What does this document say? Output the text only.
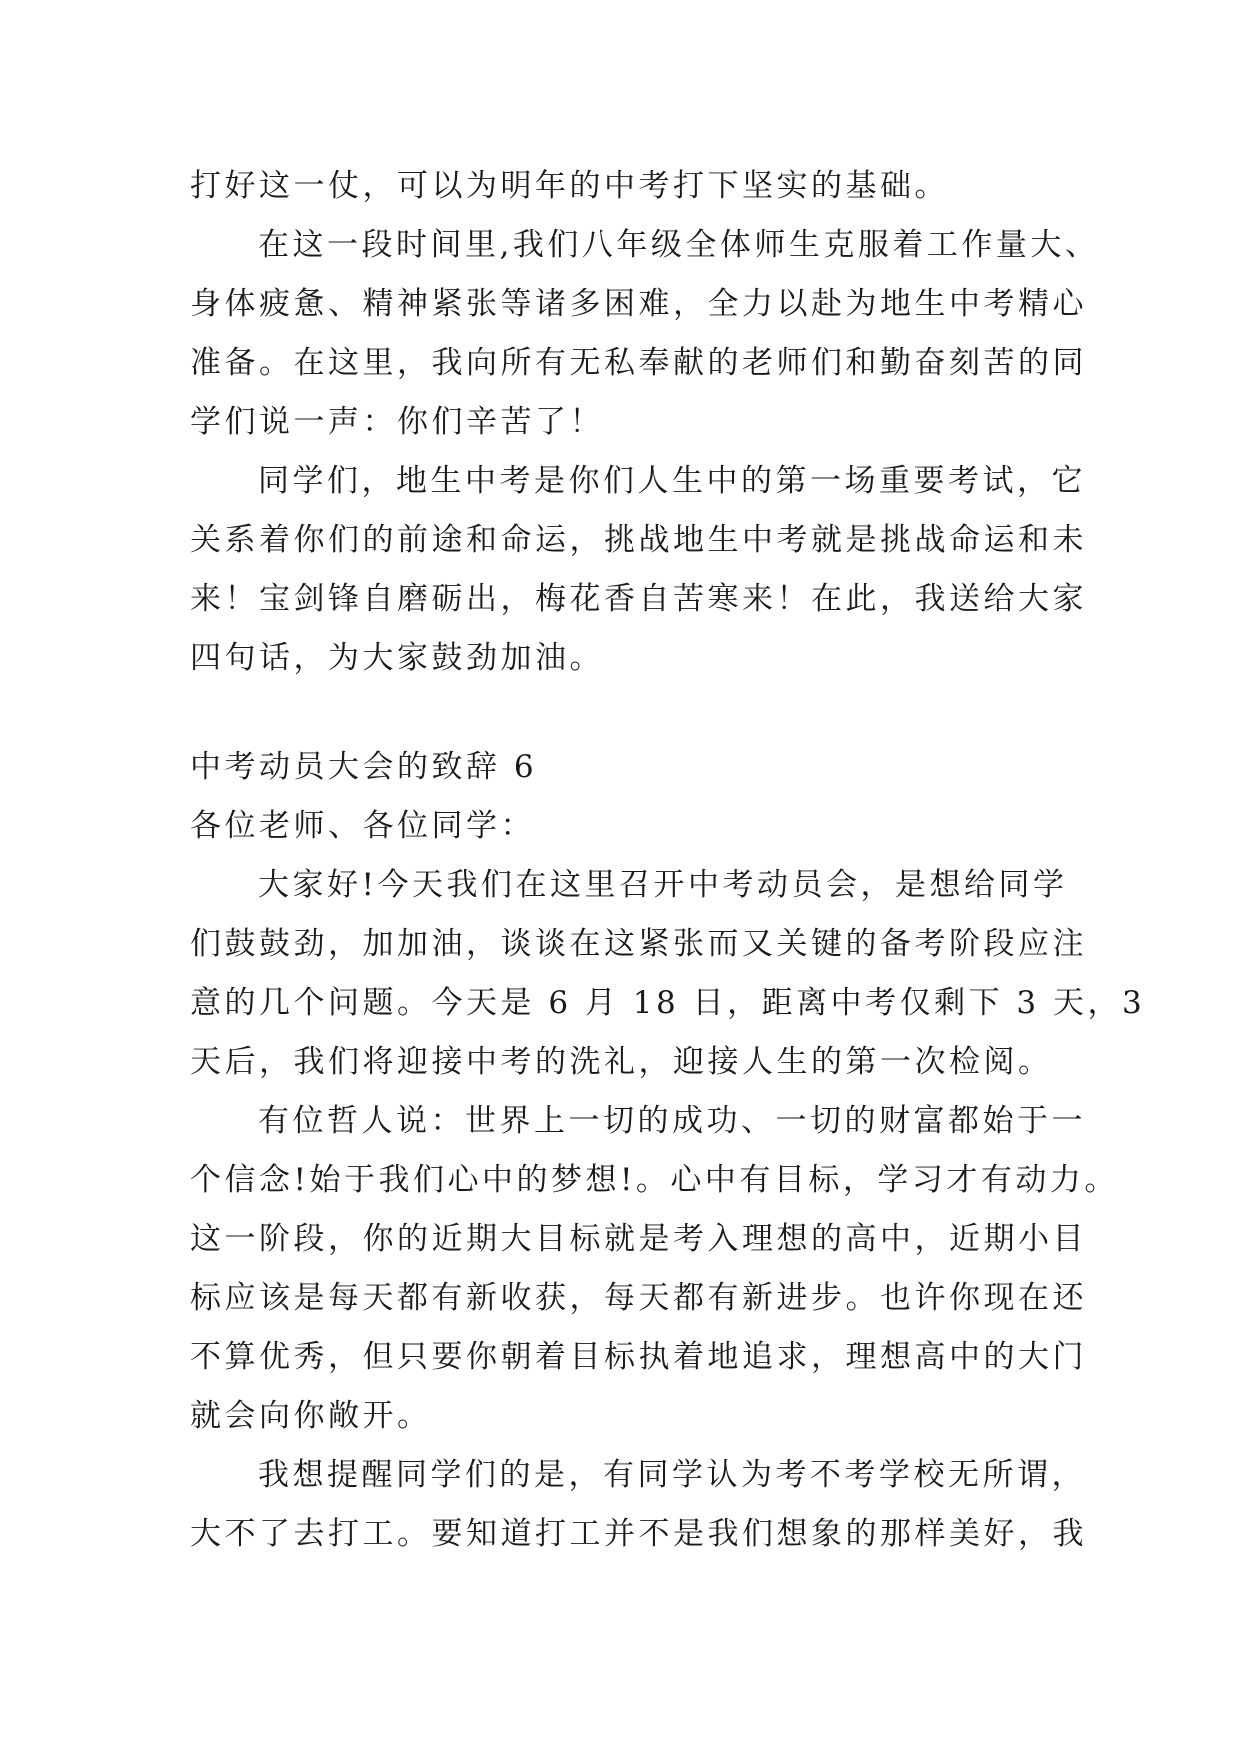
打好这一仗，可以为明年的中考打下坚实的基础。
在这一段时间里,我们八年级全体师生克服着工作量大、
身体疲惫、精神紧张等诸多困难，全力以赴为地生中考精心
准备。在这里，我向所有无私奉献的老师们和勤奋刻苦的同
学们说一声：你们辛苦了！
同学们，地生中考是你们人生中的第一场重要考试，它
关系着你们的前途和命运，挑战地生中考就是挑战命运和未
来！宝剑锋自磨砺出，梅花香自苦寒来！在此，我送给大家
四句话，为大家鼓劲加油。
中考动员大会的致辞 6
各位老师、各位同学：
大家好!今天我们在这里召开中考动员会，是想给同学
们鼓鼓劲，加加油，谈谈在这紧张而又关键的备考阶段应注
意的几个问题。今天是 6 月 18 日，距离中考仅剩下 3 天，3
天后，我们将迎接中考的洗礼，迎接人生的第一次检阅。
有位哲人说：世界上一切的成功、一切的财富都始于一
个信念!始于我们心中的梦想!。心中有目标，学习才有动力。
这一阶段，你的近期大目标就是考入理想的高中，近期小目
标应该是每天都有新收获，每天都有新进步。也许你现在还
不算优秀，但只要你朝着目标执着地追求，理想高中的大门
就会向你敞开。
我想提醒同学们的是，有同学认为考不考学校无所谓，
大不了去打工。要知道打工并不是我们想象的那样美好，我
